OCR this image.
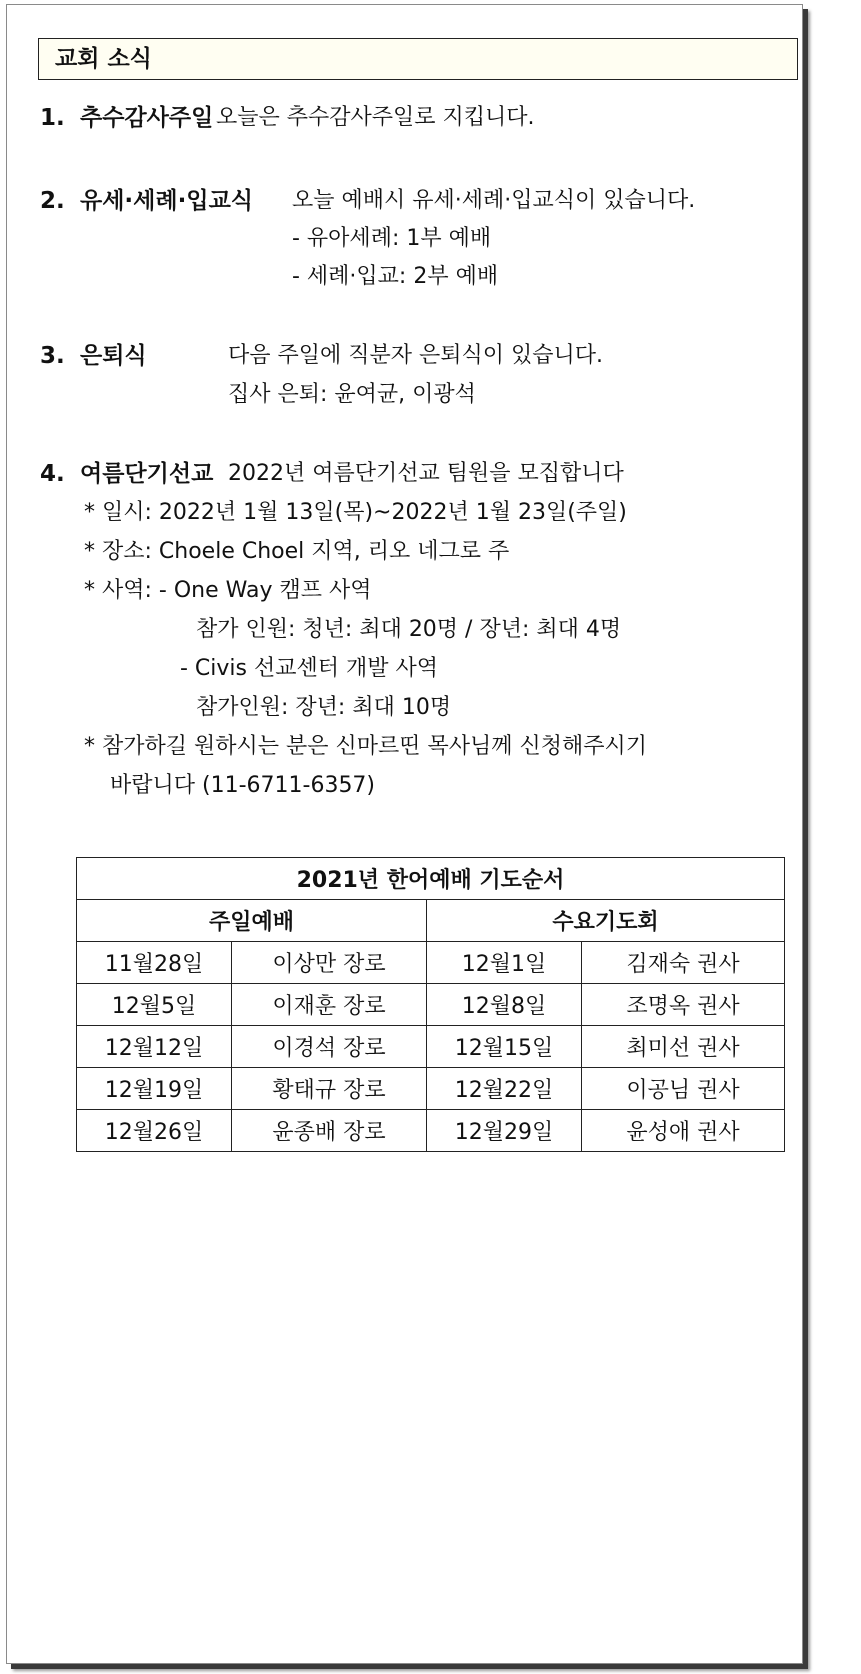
교회 소식
1. 추수감사주일 오늘은 추수감사주일로 지킵니다.
2. 유세·세례·입교식 오늘 예배시 유세·세례·입교식이 있습니다.
- 유아세례: 1부 예배
- 세례·입교: 2부 예배
3. 은퇴식	다음 주일에 직분자 은퇴식이 있습니다.
집사 은퇴: 윤여균, 이광석
4. 여름단기선교 2022년 여름단기선교 팀원을 모집합니다
* 일시: 2022년 1월 13일(목)~2022년 1월 23일(주일)
* 장소: Choele Choel 지역, 리오 네그로 주
* 사역: - One Way 캠프 사역
참가 인원: 청년: 최대 20명 / 장년: 최대 4명
- Civis 선교센터 개발 사역
참가인원: 장년: 최대 10명
* 참가하길 원하시는 분은 신마르띤 목사님께 신청해주시기
바랍니다 (11-6711-6357)
2021년 한어예배 기도순서			
주일예배		수요기도회	
11월28일	이상만 장로	12월1일	김재숙 권사
12월5일	이재훈 장로	12월8일	조명옥 권사
12월12일	이경석 장로	12월15일	최미선 권사
12월19일	황태규 장로	12월22일	이공님 권사
12월26일	윤종배 장로	12월29일	윤성애 권사
